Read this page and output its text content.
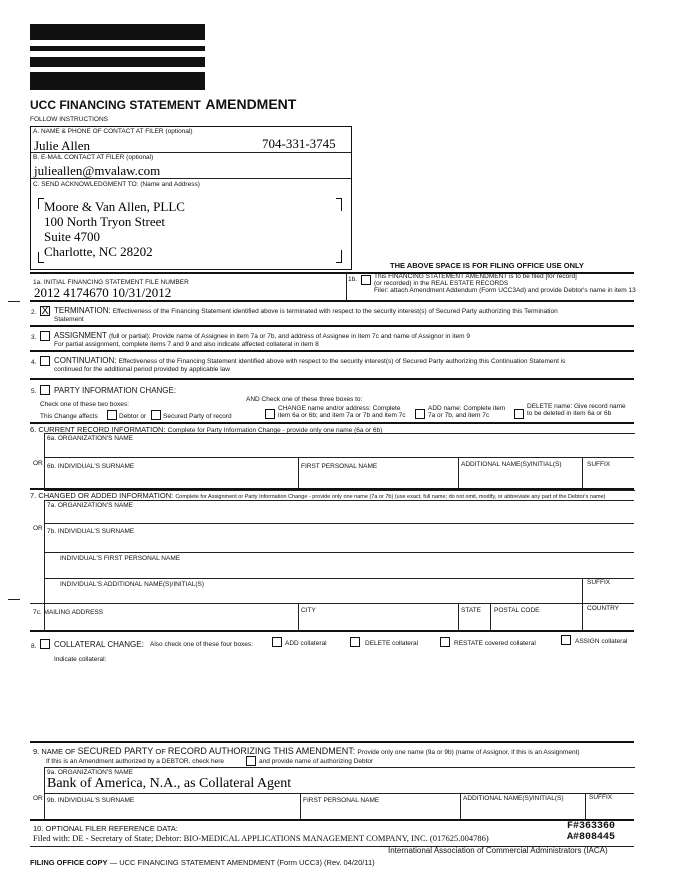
UCC FINANCING STATEMENT AMENDMENT
FOLLOW INSTRUCTIONS
A. NAME & PHONE OF CONTACT AT FILER (optional)
Julie Allen	704-331-3745
B. E-MAIL CONTACT AT FILER (optional)
julieallen@mvalaw.com
C. SEND ACKNOWLEDGMENT TO: (Name and Address)
Moore & Van Allen, PLLC
100 North Tryon Street
Suite 4700
Charlotte, NC 28202
THE ABOVE SPACE IS FOR FILING OFFICE USE ONLY
1a. INITIAL FINANCING STATEMENT FILE NUMBER
2012 4174670 10/31/2012
1b.	This FINANCING STATEMENT AMENDMENT is to be filed [for record]
(or recorded) in the REAL ESTATE RECORDS
Filer: attach Amendment Addendum (Form UCC3Ad) and provide Debtor's name in item 13
2. X TERMINATION: Effectiveness of the Financing Statement identified above is terminated with respect to the security interest(s) of Secured Party authorizing this Termination
Statement
3. ASSIGNMENT (full or partial): Provide name of Assignee in item 7a or 7b, and address of Assignee in item 7c and name of Assignor in item 9
For partial assignment, complete items 7 and 9 and also indicate affected collateral in item 8
4. CONTINUATION: Effectiveness of the Financing Statement identified above with respect to the security interest(s) of Secured Party authorizing this Continuation Statement is
continued for the additional period provided by applicable law
5. PARTY INFORMATION CHANGE:
Check one of these two boxes:
This Change affects	Debtor or	Secured Party of record
AND Check one of these three boxes to:
CHANGE name and/or address: Complete
item 6a or 6b; and item 7a or 7b and item 7c
ADD name: Complete item
7a or 7b, and item 7c
DELETE name: Give record name
to be deleted in item 6a or 6b
6. CURRENT RECORD INFORMATION: Complete for Party Information Change - provide only one name (6a or 6b)
6a. ORGANIZATION'S NAME
OR 6b. INDIVIDUAL'S SURNAME	FIRST PERSONAL NAME	ADDITIONAL NAME(S)/INITIAL(S)	SUFFIX
7. CHANGED OR ADDED INFORMATION: Complete for Assignment or Party Information Change - provide only one name (7a or 7b) (use exact, full name; do not omit, modify, or abbreviate any part of the Debtor's name)
7a. ORGANIZATION'S NAME
OR 7b. INDIVIDUAL'S SURNAME
INDIVIDUAL'S FIRST PERSONAL NAME
INDIVIDUAL'S ADDITIONAL NAME(S)/INITIAL(S)	SUFFIX
7c. MAILING ADDRESS	CITY	STATE POSTAL CODE	COUNTRY
8. COLLATERAL CHANGE: Also check one of these four boxes:	ADD collateral	DELETE collateral	RESTATE covered collateral	ASSIGN collateral
Indicate collateral:
9. NAME OF SECURED PARTY OF RECORD AUTHORIZING THIS AMENDMENT: Provide only one name (9a or 9b) (name of Assignor, if this is an Assignment)
If this is an Amendment authorized by a DEBTOR, check here	and provide name of authorizing Debtor
9a. ORGANIZATION'S NAME
Bank of America, N.A., as Collateral Agent
OR 9b. INDIVIDUAL'S SURNAME	FIRST PERSONAL NAME	ADDITIONAL NAME(S)/INITIAL(S)	SUFFIX
10. OPTIONAL FILER REFERENCE DATA:
Filed with: DE - Secretary of State; Debtor: BIO-MEDICAL APPLICATIONS MANAGEMENT COMPANY, INC. (017625.004786)
F#363360
A#808445
International Association of Commercial Administrators (IACA)
FILING OFFICE COPY — UCC FINANCING STATEMENT AMENDMENT (Form UCC3) (Rev. 04/20/11)
